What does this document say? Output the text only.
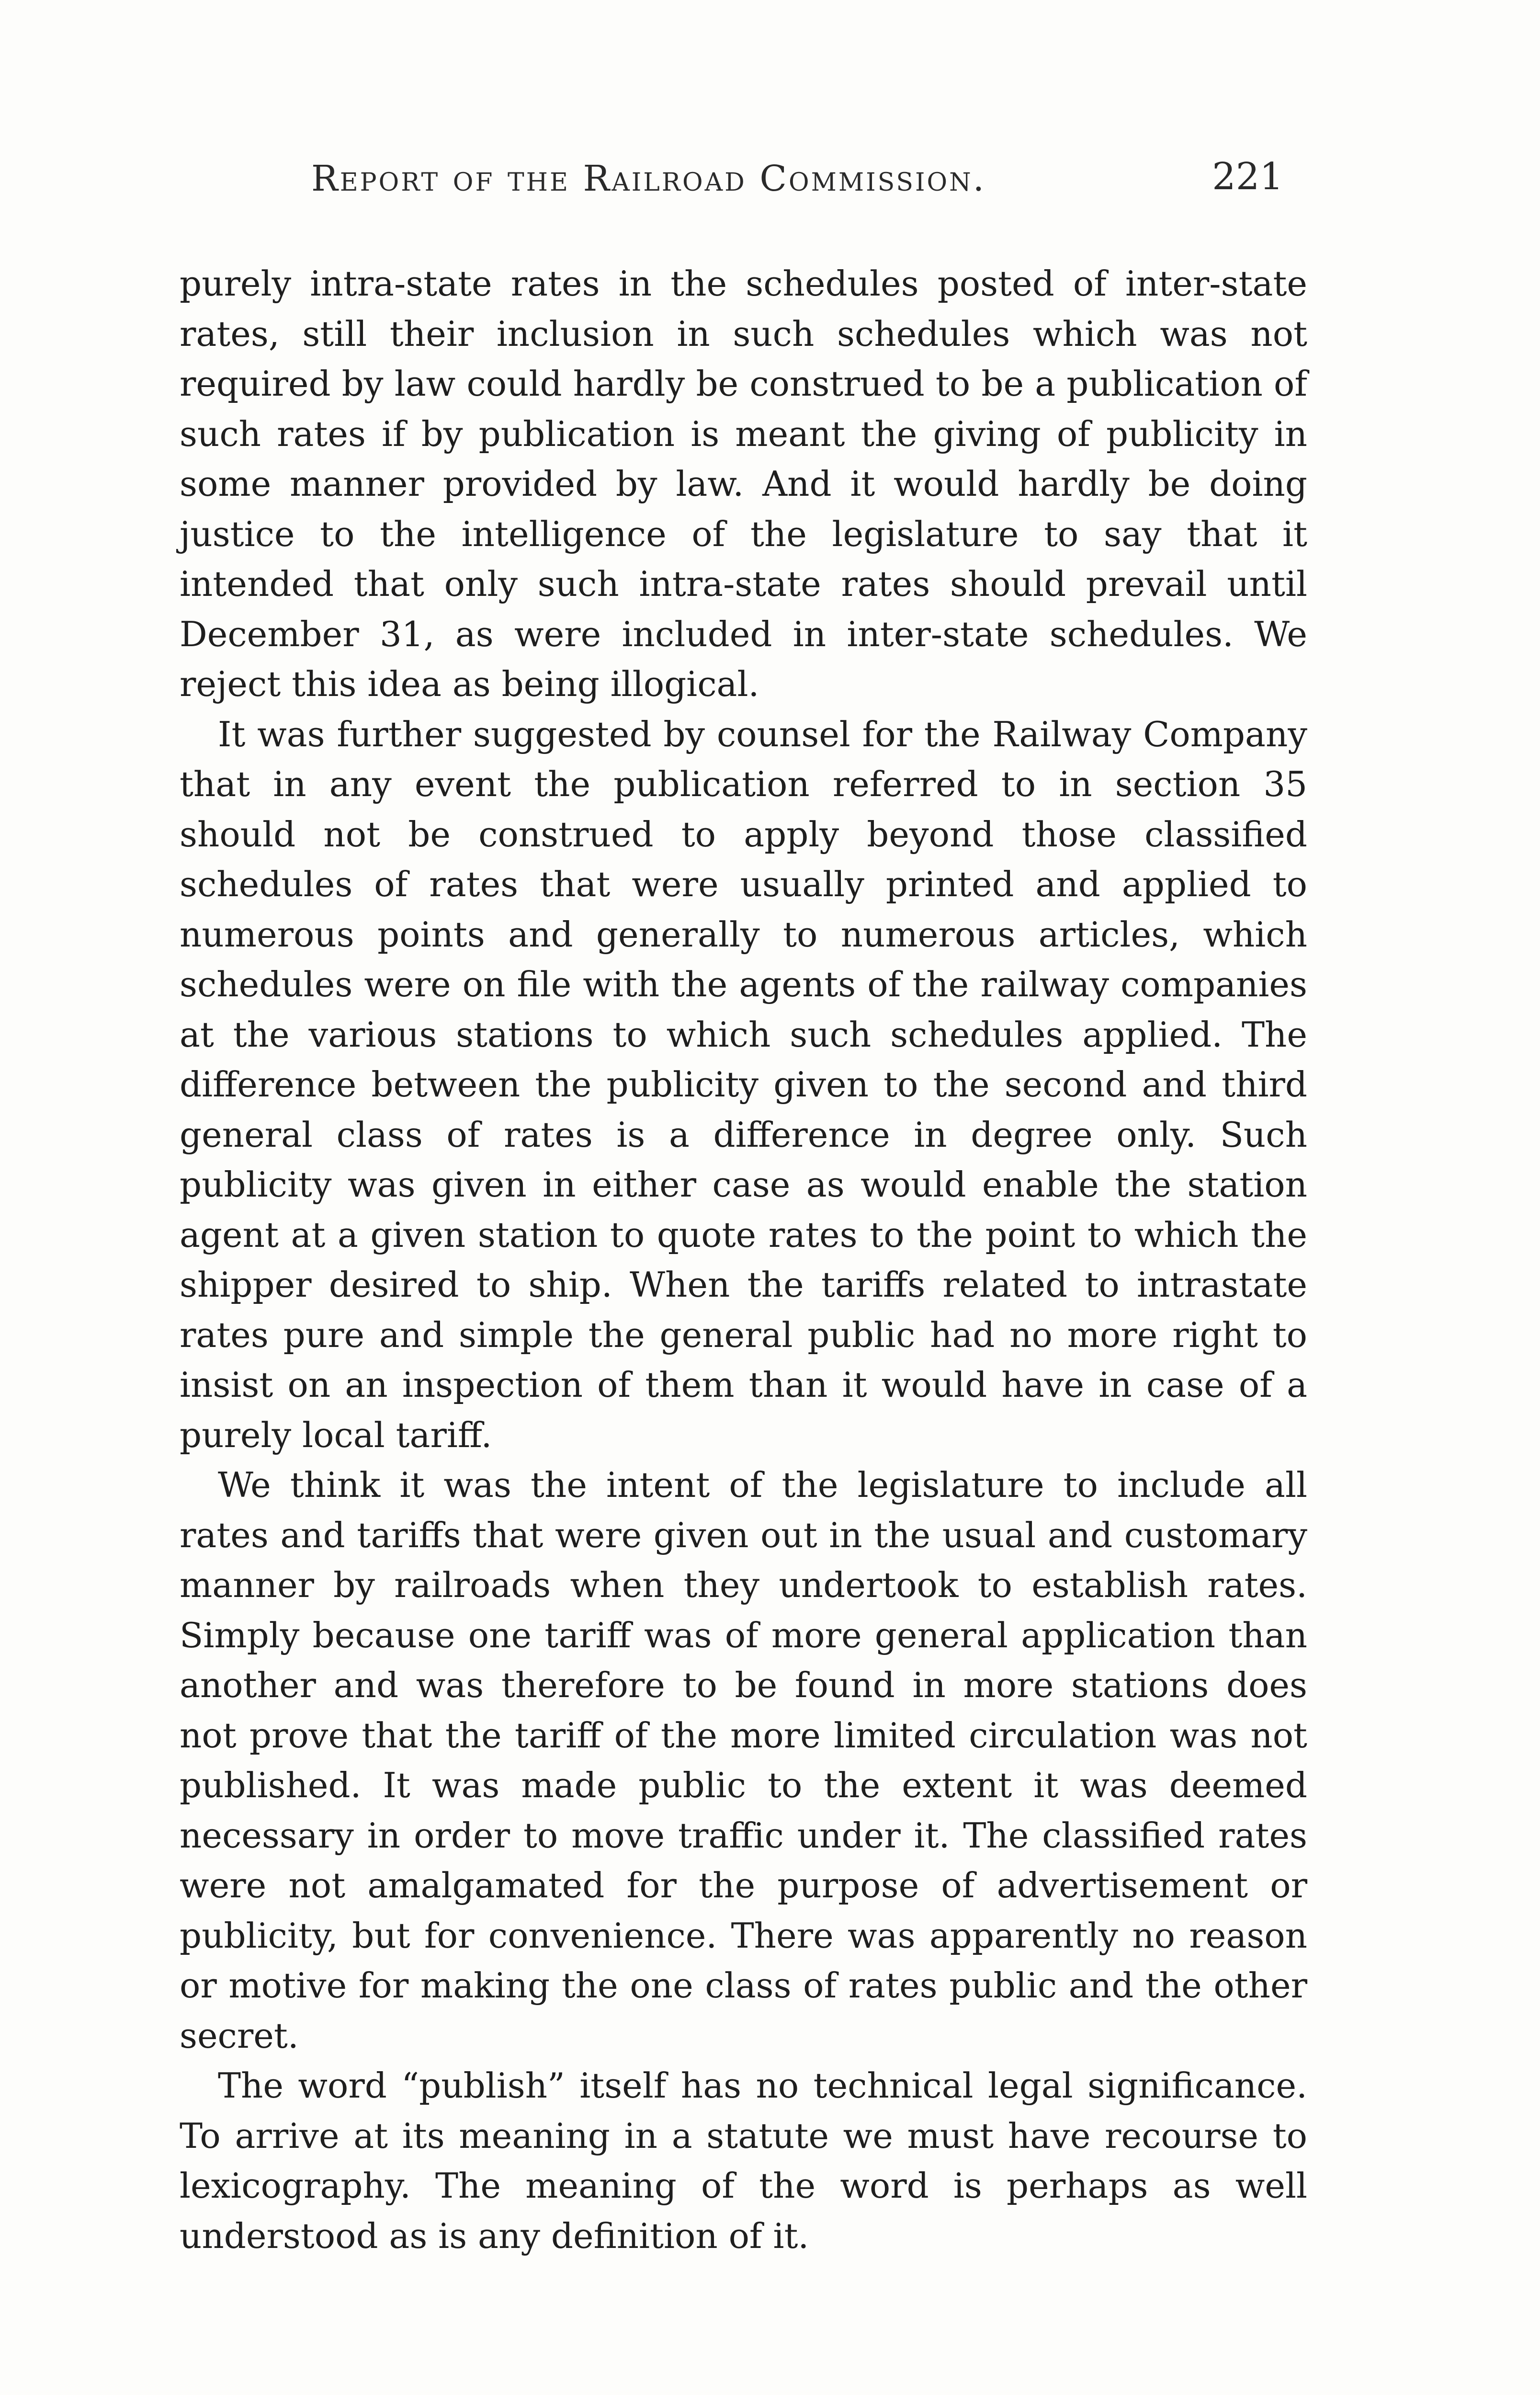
Report of the Railroad Commission.	221

purely intra-state rates in the schedules posted of inter-state rates, still their inclusion in such schedules which was not required by law could hardly be construed to be a publication of such rates if by publication is meant the giving of publicity in some manner provided by law. And it would hardly be doing justice to the intelligence of the legislature to say that it intended that only such intra-state rates should prevail until December 31, as were included in inter-state schedules. We reject this idea as being illogical.

It was further suggested by counsel for the Railway Company that in any event the publication referred to in section 35 should not be construed to apply beyond those classified schedules of rates that were usually printed and applied to numerous points and generally to numerous articles, which schedules were on file with the agents of the railway companies at the various stations to which such schedules applied. The difference between the publicity given to the second and third general class of rates is a difference in degree only. Such publicity was given in either case as would enable the station agent at a given station to quote rates to the point to which the shipper desired to ship. When the tariffs related to intrastate rates pure and simple the general public had no more right to insist on an inspection of them than it would have in case of a purely local tariff.

We think it was the intent of the legislature to include all rates and tariffs that were given out in the usual and customary manner by railroads when they undertook to establish rates. Simply because one tariff was of more general application than another and was therefore to be found in more stations does not prove that the tariff of the more limited circulation was not published. It was made public to the extent it was deemed necessary in order to move traffic under it. The classified rates were not amalgamated for the purpose of advertisement or publicity, but for convenience. There was apparently no reason or motive for making the one class of rates public and the other secret.

The word “publish” itself has no technical legal significance. To arrive at its meaning in a statute we must have recourse to lexicography. The meaning of the word is perhaps as well understood as is any definition of it.
